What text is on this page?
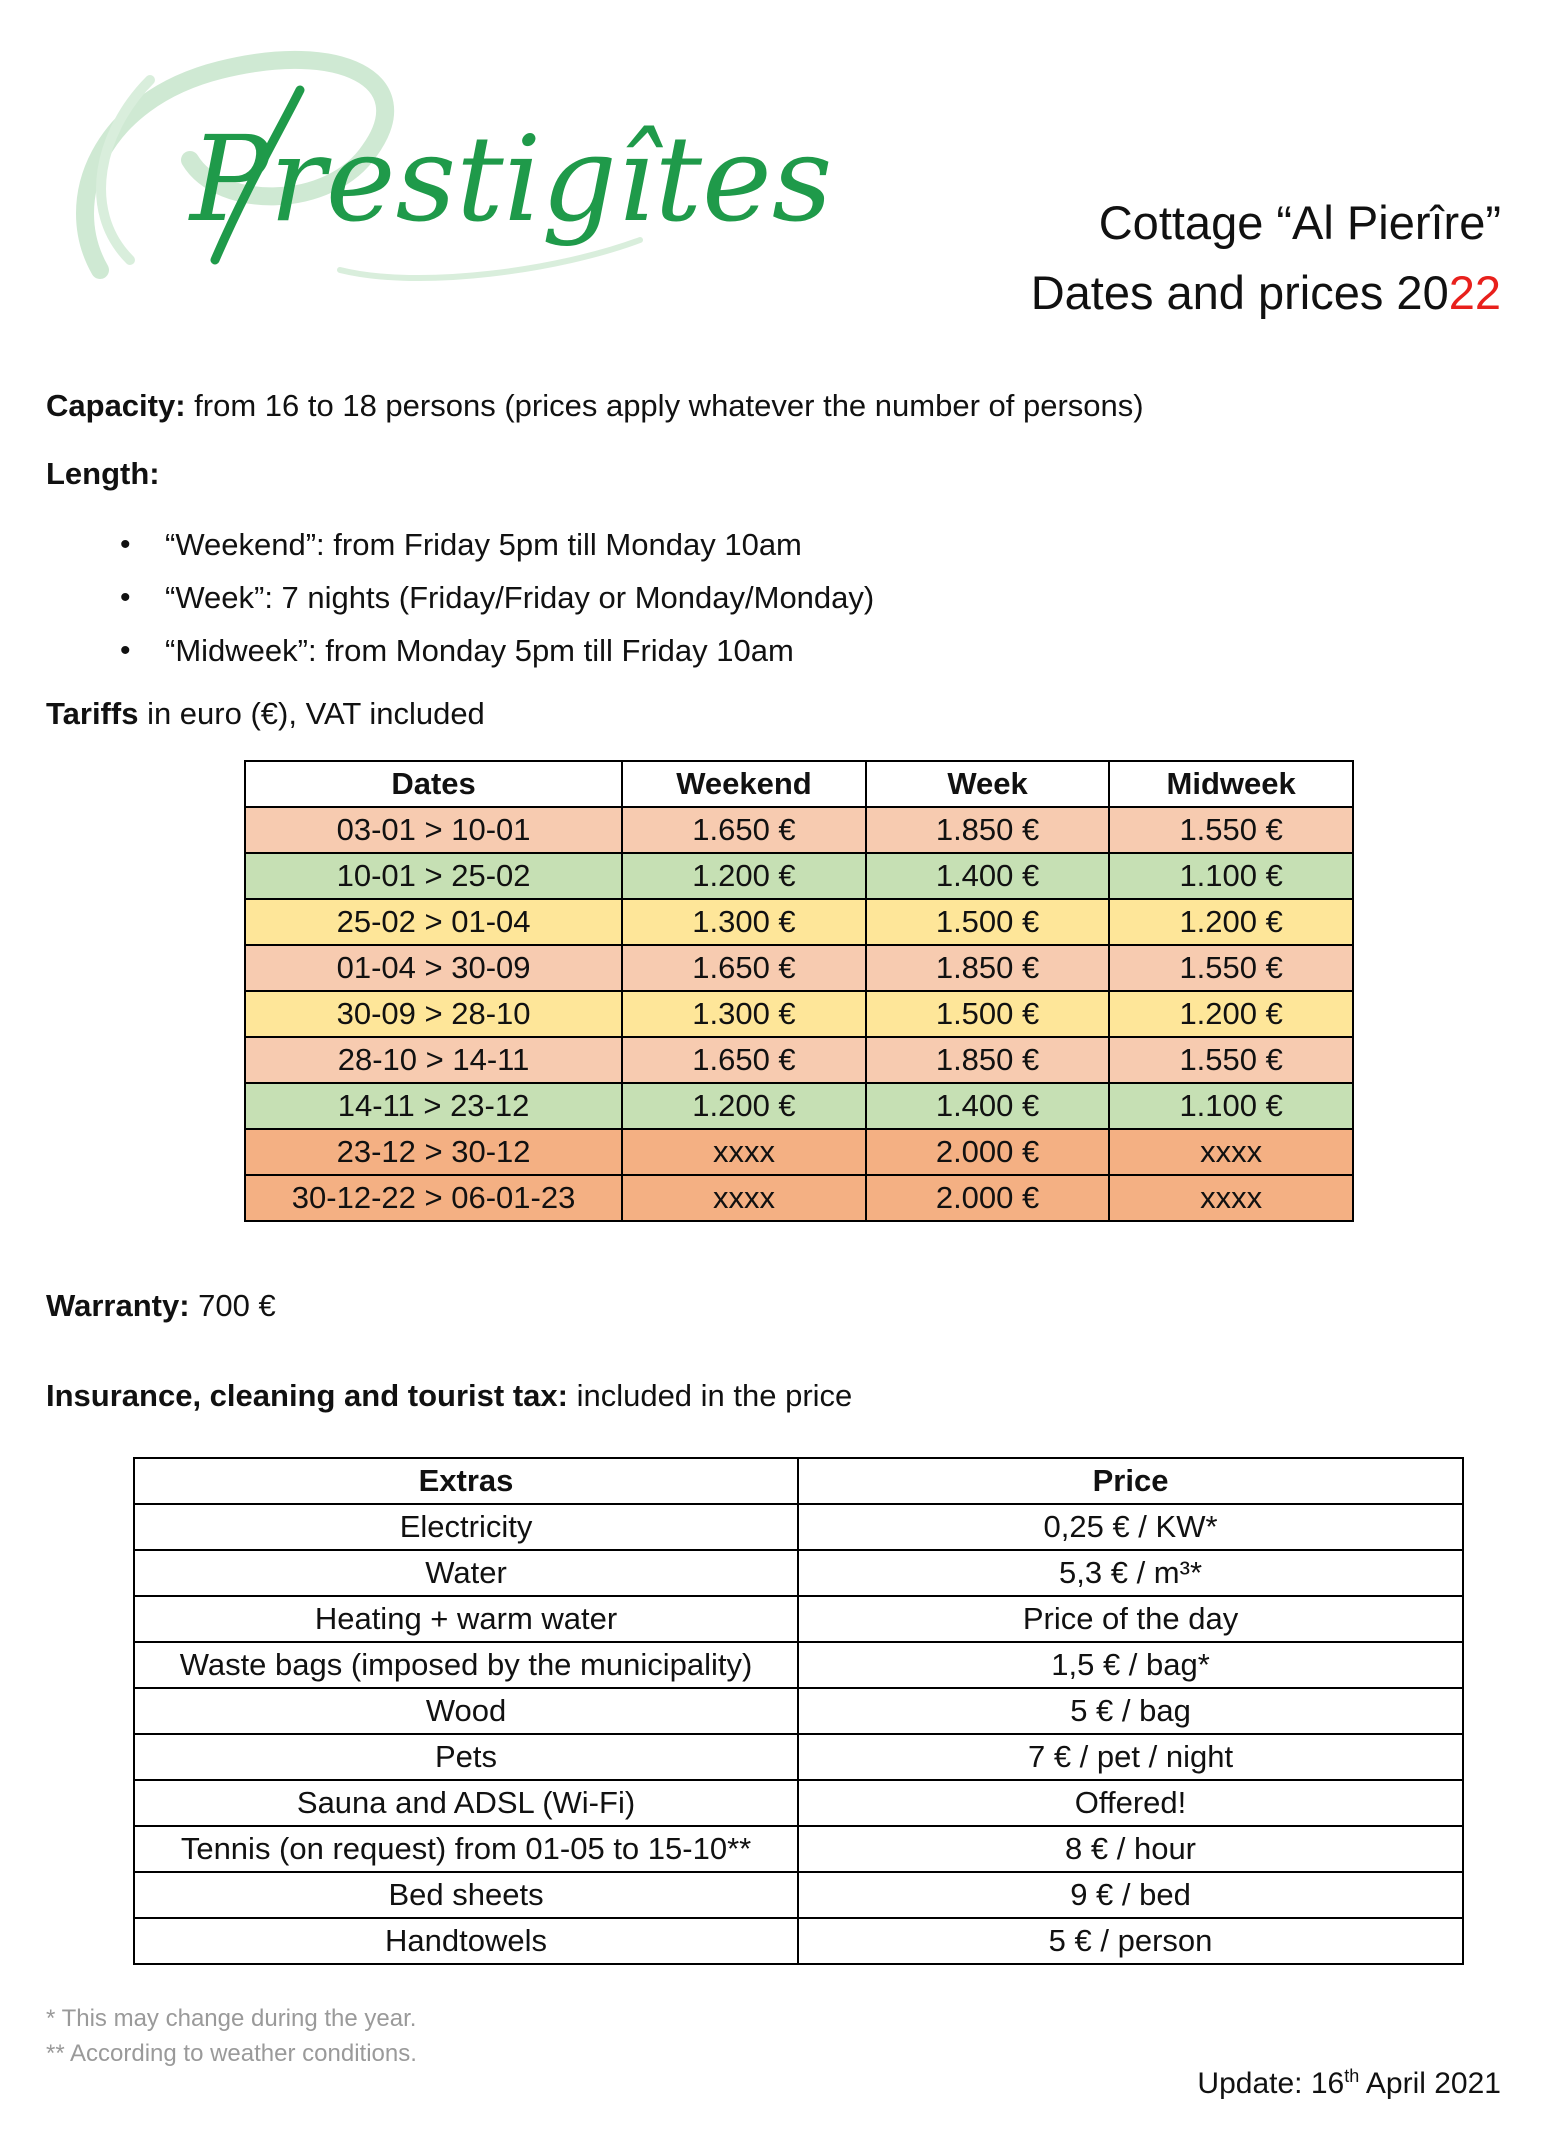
Prestigîtes	Cottage “Al Pierîre”
Dates and prices 2022
Capacity: from 16 to 18 persons (prices apply whatever the number of persons)
Length:
• “Weekend”: from Friday 5pm till Monday 10am
• “Week”: 7 nights (Friday/Friday or Monday/Monday)
• “Midweek”: from Monday 5pm till Friday 10am
Tariffs in euro (€), VAT included
Dates	Weekend	Week	Midweek
03-01 > 10-01	1.650 €	1.850 €	1.550 €
10-01 > 25-02	1.200 €	1.400 €	1.100 €
25-02 > 01-04	1.300 €	1.500 €	1.200 €
01-04 > 30-09	1.650 €	1.850 €	1.550 €
30-09 > 28-10	1.300 €	1.500 €	1.200 €
28-10 > 14-11	1.650 €	1.850 €	1.550 €
14-11 > 23-12	1.200 €	1.400 €	1.100 €
23-12 > 30-12	xxxx	2.000 €	xxxx
30-12-22 > 06-01-23	xxxx	2.000 €	xxxx
Warranty: 700 €
Insurance, cleaning and tourist tax: included in the price
Extras	Price
Electricity	0,25 € / KW*
Water	5,3 € / m³*
Heating + warm water	Price of the day
Waste bags (imposed by the municipality)	1,5 € / bag*
Wood	5 € / bag
Pets	7 € / pet / night
Sauna and ADSL (Wi-Fi)	Offered!
Tennis (on request) from 01-05 to 15-10**	8 € / hour
Bed sheets	9 € / bed
Handtowels	5 € / person
* This may change during the year.
** According to weather conditions.
Update: 16th April 2021
